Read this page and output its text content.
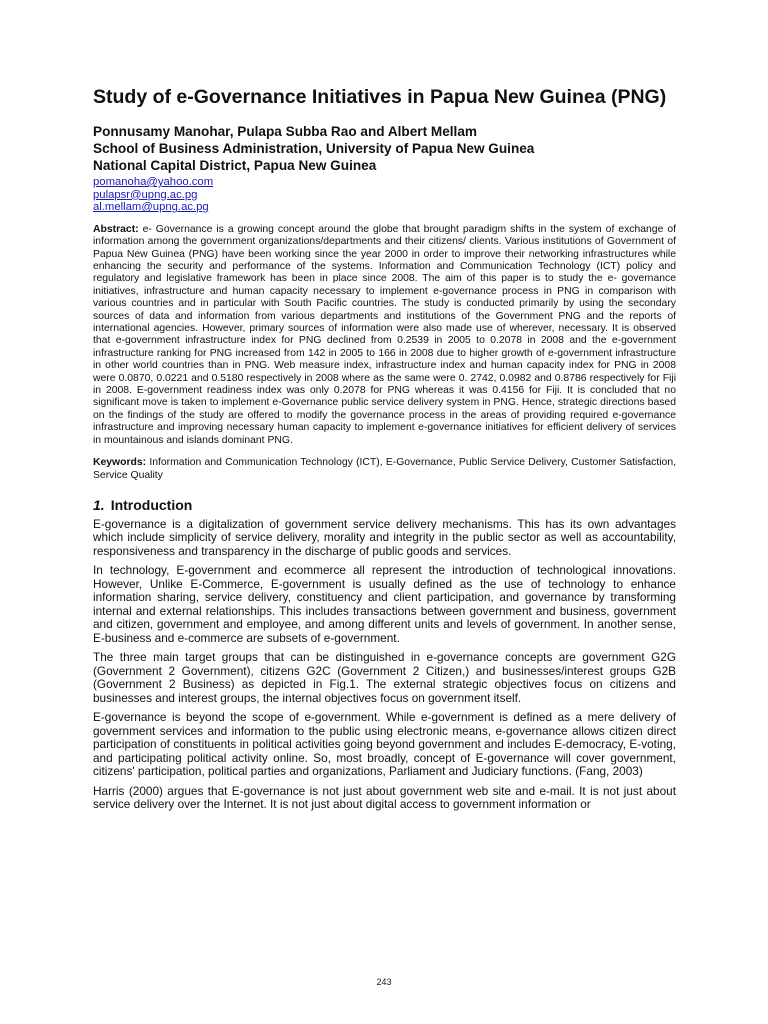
Study of e-Governance Initiatives in Papua New Guinea (PNG)

Ponnusamy Manohar, Pulapa Subba Rao and Albert Mellam

School of Business Administration, University of Papua New Guinea

National Capital District, Papua New Guinea

pomanoha@yahoo.com
pulapsr@upng.ac.pg
al.mellam@upng.ac.pg

Abstract: e- Governance is a growing concept around the globe that brought paradigm shifts in the system of exchange of information among the government organizations/departments and their citizens/ clients. Various institutions of Government of Papua New Guinea (PNG) have been working since the year 2000 in order to improve their networking infrastructures while enhancing the security and performance of the systems. Information and Communication Technology (ICT) policy and regulatory and legislative framework has been in place since 2008. The aim of this paper is to study the e- governance initiatives, infrastructure and human capacity necessary to implement e-governance process in PNG in comparison with various countries and in particular with South Pacific countries. The study is conducted primarily by using the secondary sources of data and information from various departments and institutions of the Government PNG and the reports of international agencies. However, primary sources of information were also made use of wherever, necessary. It is observed that e-government infrastructure index for PNG declined from 0.2539 in 2005 to 0.2078 in 2008 and the e-government infrastructure ranking for PNG increased from 142 in 2005 to 166 in 2008 due to higher growth of e-government infrastructure in other world countries than in PNG. Web measure index, infrastructure index and human capacity index for PNG in 2008 were 0.0870, 0.0221 and 0.5180 respectively in 2008 where as the same were 0. 2742, 0.0982 and 0.8786 respectively for Fiji in 2008. E-government readiness index was only 0.2078 for PNG whereas it was 0.4156 for Fiji. It is concluded that no significant move is taken to implement e-Governance public service delivery system in PNG. Hence, strategic directions based on the findings of the study are offered to modify the governance process in the areas of providing required e-governance infrastructure and improving necessary human capacity to implement e-governance initiatives for efficient delivery of services in mountainous and islands dominant PNG.

Keywords: Information and Communication Technology (ICT), E-Governance, Public Service Delivery, Customer Satisfaction, Service Quality

1. Introduction

E-governance is a digitalization of government service delivery mechanisms. This has its own advantages which include simplicity of service delivery, morality and integrity in the public sector as well as accountability, responsiveness and transparency in the discharge of public goods and services.

In technology, E-government and ecommerce all represent the introduction of technological innovations. However, Unlike E-Commerce, E-government is usually defined as the use of technology to enhance information sharing, service delivery, constituency and client participation, and governance by transforming internal and external relationships. This includes transactions between government and business, government and citizen, government and employee, and among different units and levels of government. In another sense, E-business and e-commerce are subsets of e-government.

The three main target groups that can be distinguished in e-governance concepts are government G2G (Government 2 Government), citizens G2C (Government 2 Citizen,) and businesses/interest groups G2B (Government 2 Business) as depicted in Fig.1. The external strategic objectives focus on citizens and businesses and interest groups, the internal objectives focus on government itself.

E-governance is beyond the scope of e-government. While e-government is defined as a mere delivery of government services and information to the public using electronic means, e-governance allows citizen direct participation of constituents in political activities going beyond government and includes E-democracy, E-voting, and participating political activity online. So, most broadly, concept of E-governance will cover government, citizens' participation, political parties and organizations, Parliament and Judiciary functions. (Fang, 2003)

Harris (2000) argues that E-governance is not just about government web site and e-mail. It is not just about service delivery over the Internet. It is not just about digital access to government information or

243
